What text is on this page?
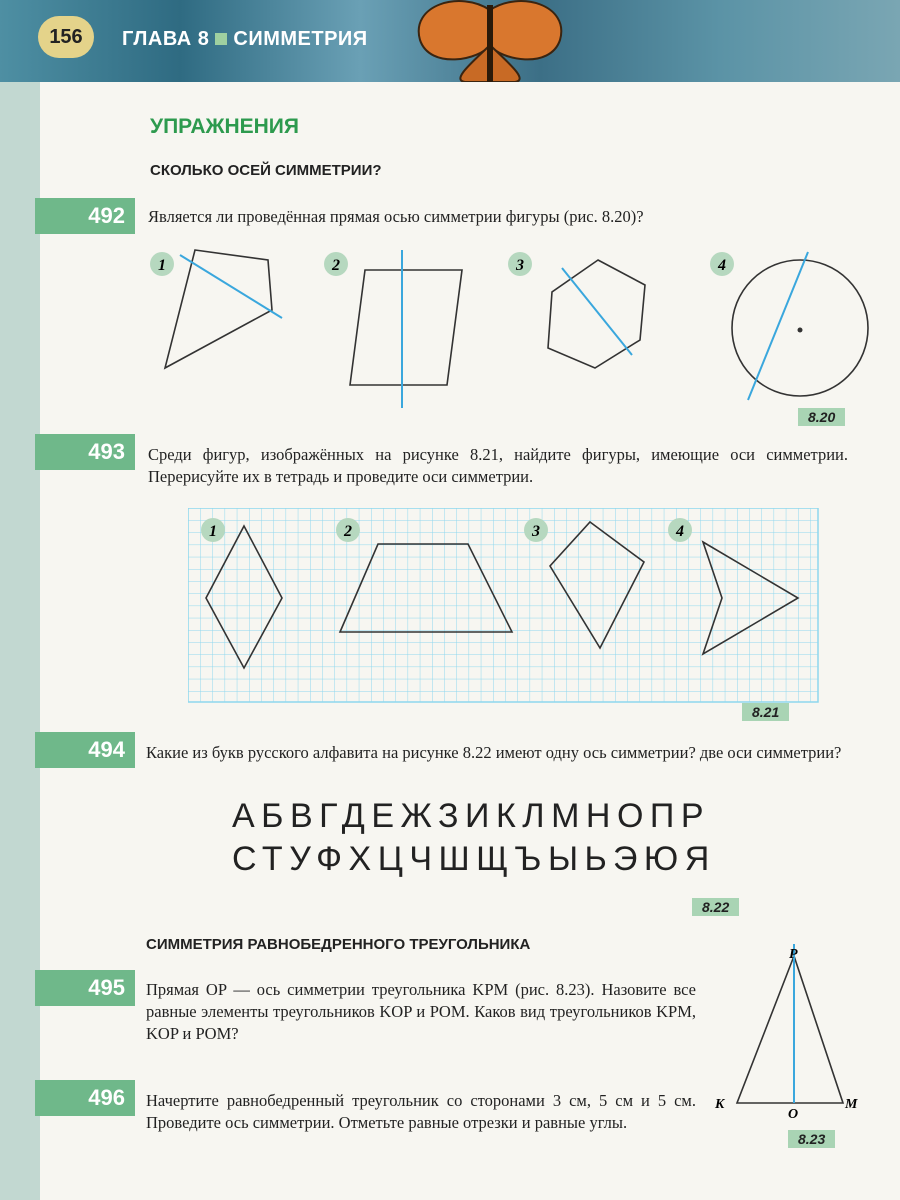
156	ГЛАВА 8 СИММЕТРИЯ
УПРАЖНЕНИЯ
СКОЛЬКО ОСЕЙ СИММЕТРИИ?
492	Является ли проведённая прямая осью симметрии фигуры (рис. 8.20)?
1	2	3	4
8.20
493	Среди фигур, изображённых на рисунке 8.21, найдите фигуры, имеющие оси симметрии. Перерисуйте их в тетрадь и проведите оси симметрии.
1	2	3	4
8.21
494	Какие из букв русского алфавита на рисунке 8.22 имеют одну ось симметрии? две оси симметрии?
АБВГДЕЖЗИКЛМНОПР
СТУФХЦЧШЩЪЫЬЭЮЯ
8.22
СИММЕТРИЯ РАВНОБЕДРЕННОГО ТРЕУГОЛЬНИКА
495	Прямая OP — ось симметрии треугольника KPM (рис. 8.23). Назовите все равные элементы треугольников KOP и POM. Каков вид треугольников KPM, KOP и POM?
496	Начертите равнобедренный треугольник со сторонами 3 см, 5 см и 5 см. Проведите ось симметрии. Отметьте равные отрезки и равные углы.
P
K
O
M
8.23
